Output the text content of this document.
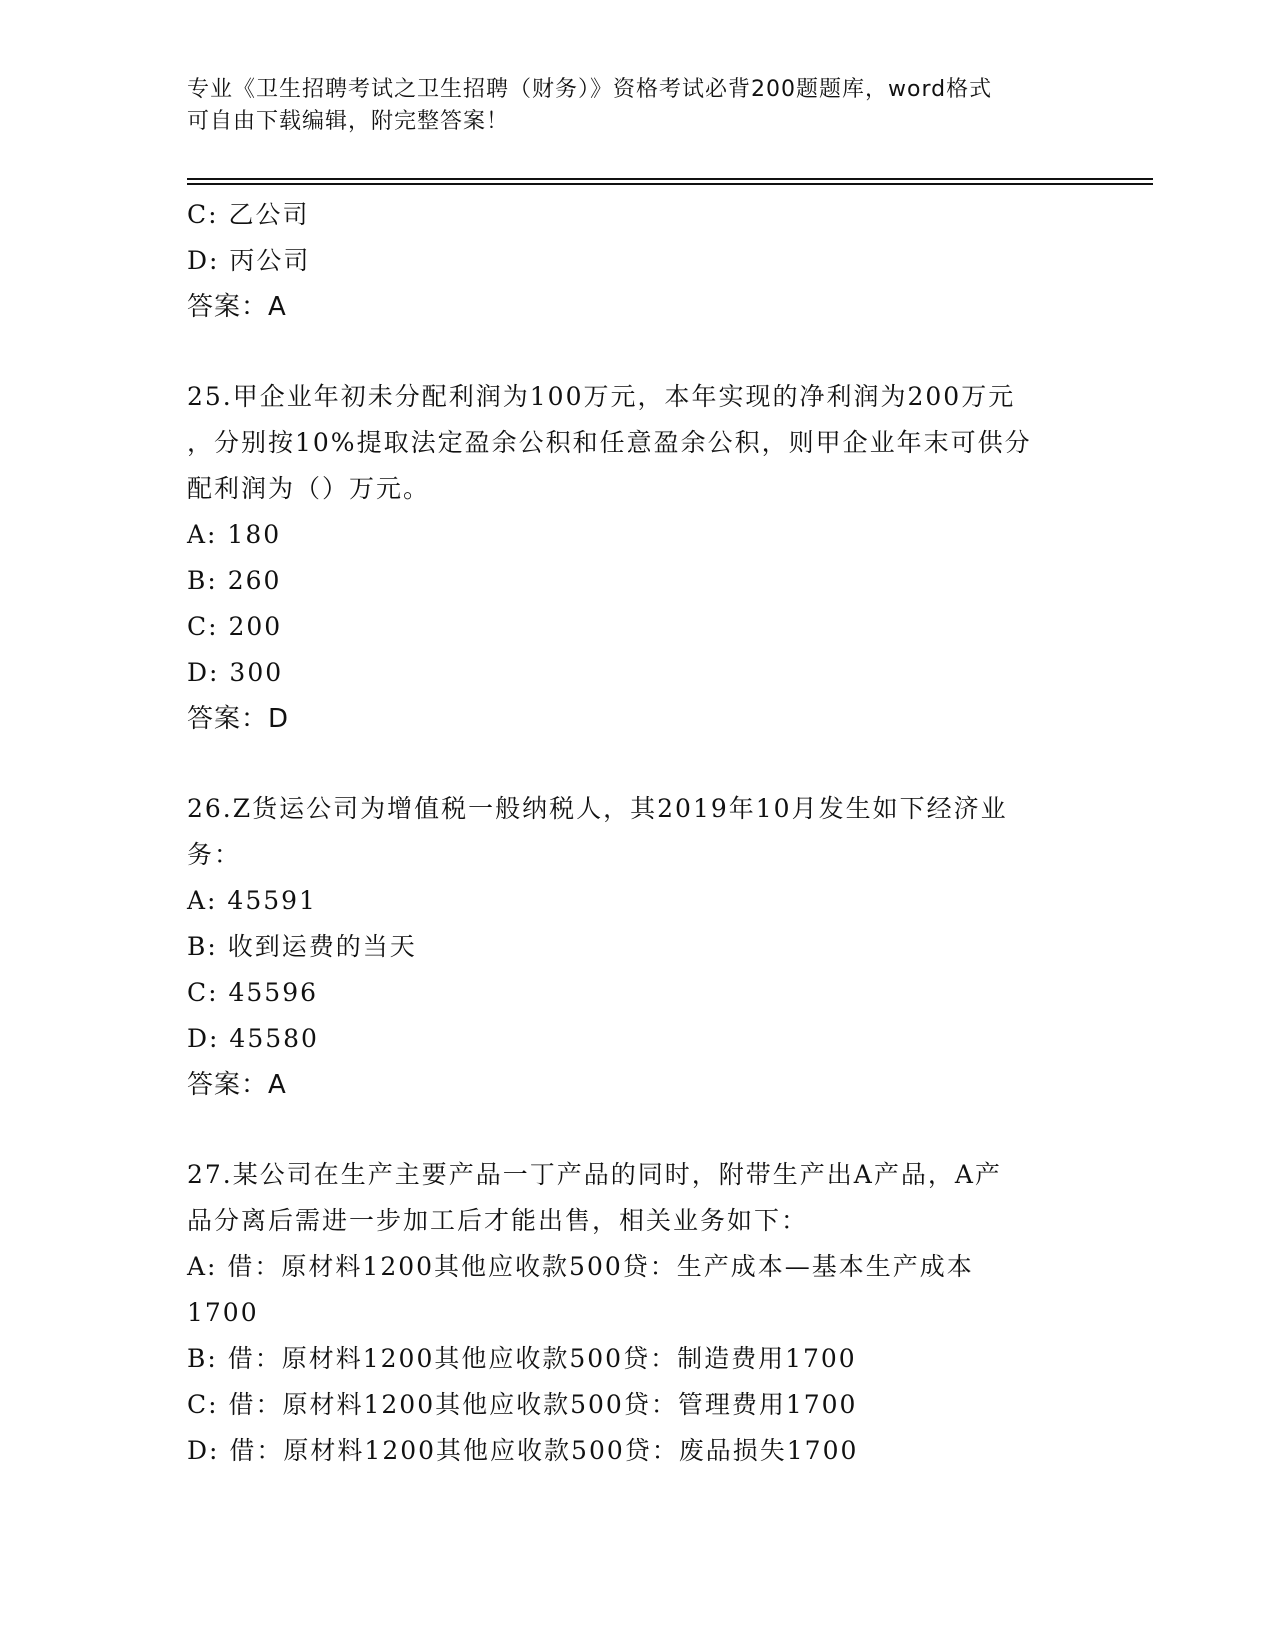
专业《卫生招聘考试之卫生招聘（财务）》资格考试必背200题题库，word格式
可自由下载编辑，附完整答案！
C: 乙公司
D: 丙公司
答案：A
25.甲企业年初未分配利润为100万元，本年实现的净利润为200万元
，分别按10%提取法定盈余公积和任意盈余公积，则甲企业年末可供分
配利润为（）万元。
A: 180
B: 260
C: 200
D: 300
答案：D
26.Z货运公司为增值税一般纳税人，其2019年10月发生如下经济业
务：
A: 45591
B: 收到运费的当天
C: 45596
D: 45580
答案：A
27.某公司在生产主要产品一丁产品的同时，附带生产出A产品，A产
品分离后需进一步加工后才能出售，相关业务如下：
A: 借：原材料1200其他应收款500贷：生产成本—基本生产成本
1700
B: 借：原材料1200其他应收款500贷：制造费用1700
C: 借：原材料1200其他应收款500贷：管理费用1700
D: 借：原材料1200其他应收款500贷：废品损失1700
